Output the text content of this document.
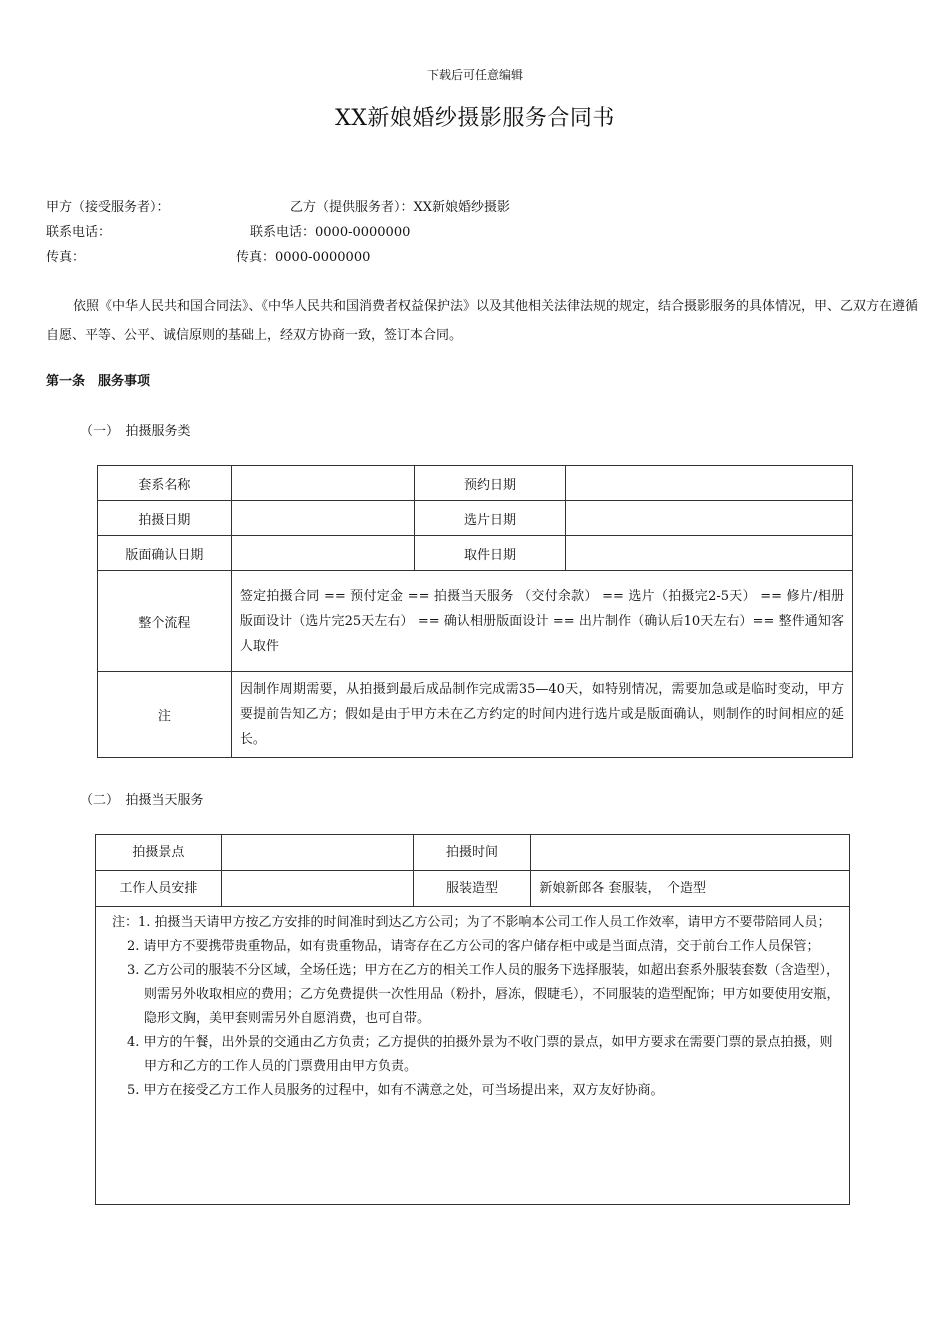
下载后可任意编辑
XX新娘婚纱摄影服务合同书
甲方（接受服务者）：	乙方（提供服务者）：XX新娘婚纱摄影
联系电话：	联系电话：0000-0000000
传真：	传真：0000-0000000
依照《中华人民共和国合同法》、《中华人民共和国消费者权益保护法》以及其他相关法律法规的规定，结合摄影服务的具体情况，甲、乙双方在遵循自愿、平等、公平、诚信原则的基础上，经双方协商一致，签订本合同。
第一条　服务事项
（一）　拍摄服务类
套系名称		预约日期	
拍摄日期		选片日期	
版面确认日期		取件日期	
整个流程	签定拍摄合同 == 预付定金 == 拍摄当天服务 （交付余款） == 选片（拍摄完2-5天） == 修片/相册版面设计（选片完25天左右） == 确认相册版面设计 == 出片制作（确认后10天左右）== 整件通知客人取件		
注	因制作周期需要，从拍摄到最后成品制作完成需35—40天，如特别情况，需要加急或是临时变动，甲方要提前告知乙方；假如是由于甲方未在乙方约定的时间内进行选片或是版面确认，则制作的时间相应的延长。		
（二）　拍摄当天服务
拍摄景点		拍摄时间	
工作人员安排		服装造型	新娘新郎各 套服装，　个造型

注：1. 拍摄当天请甲方按乙方安排的时间准时到达乙方公司；为了不影响本公司工作人员工作效率，请甲方不要带陪同人员；
2. 请甲方不要携带贵重物品，如有贵重物品，请寄存在乙方公司的客户储存柜中或是当面点清，交于前台工作人员保管；
3. 乙方公司的服装不分区域，全场任选；甲方在乙方的相关工作人员的服务下选择服装，如超出套系外服装套数（含造型），则需另外收取相应的费用；乙方免费提供一次性用品（粉扑，唇冻，假睫毛），不同服装的造型配饰；甲方如要使用安瓶，隐形文胸，美甲套则需另外自愿消费，也可自带。
4. 甲方的午餐，出外景的交通由乙方负责；乙方提供的拍摄外景为不收门票的景点，如甲方要求在需要门票的景点拍摄，则甲方和乙方的工作人员的门票费用由甲方负责。
5. 甲方在接受乙方工作人员服务的过程中，如有不满意之处，可当场提出来，双方友好协商。			
